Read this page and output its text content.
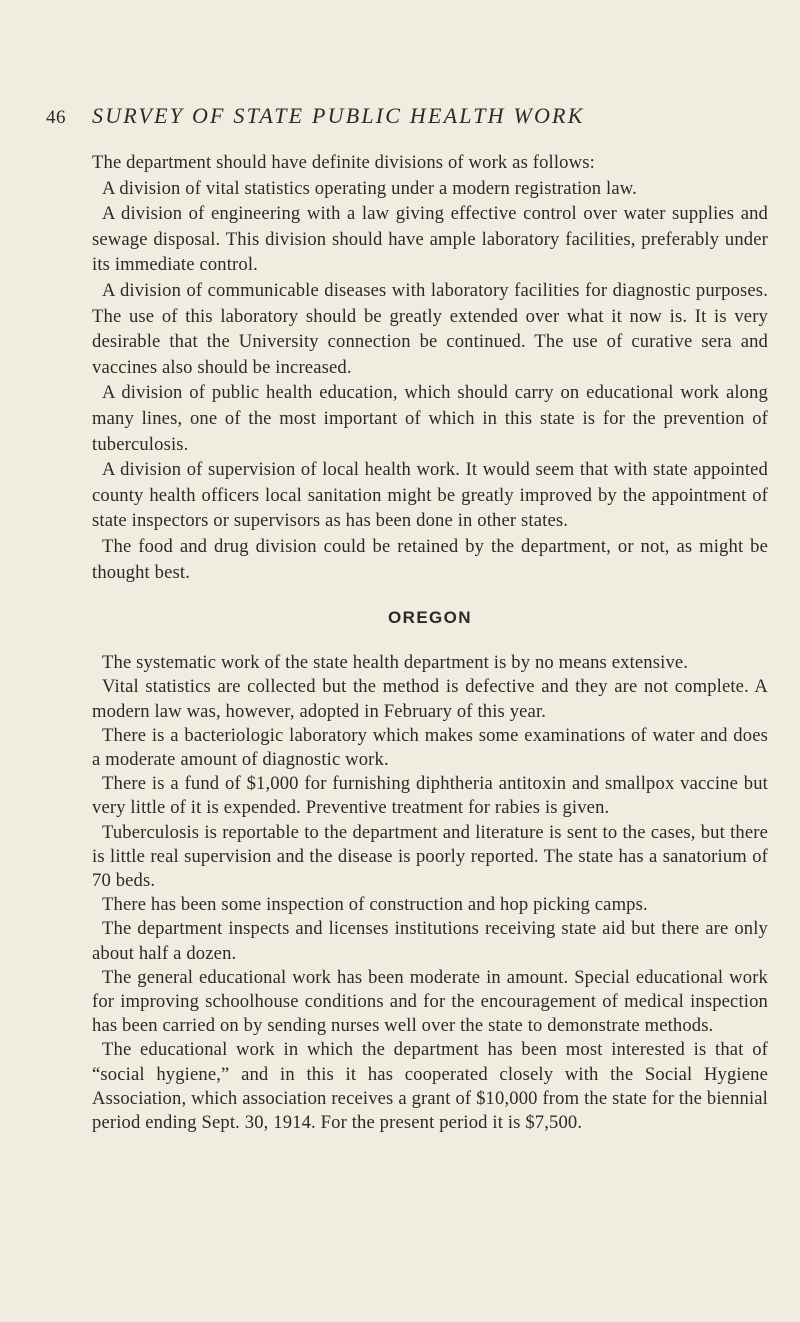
46 SURVEY OF STATE PUBLIC HEALTH WORK

The department should have definite divisions of work as follows:

A division of vital statistics operating under a modern registration law.

A division of engineering with a law giving effective control over water supplies and sewage disposal. This division should have ample laboratory facilities, preferably under its immediate control.

A division of communicable diseases with laboratory facilities for diagnostic purposes. The use of this laboratory should be greatly extended over what it now is. It is very desirable that the University connection be continued. The use of curative sera and vaccines also should be increased.

A division of public health education, which should carry on educational work along many lines, one of the most important of which in this state is for the prevention of tuberculosis.

A division of supervision of local health work. It would seem that with state appointed county health officers local sanitation might be greatly improved by the appointment of state inspectors or supervisors as has been done in other states.

The food and drug division could be retained by the department, or not, as might be thought best.

OREGON

The systematic work of the state health department is by no means extensive.

Vital statistics are collected but the method is defective and they are not complete. A modern law was, however, adopted in February of this year.

There is a bacteriologic laboratory which makes some examinations of water and does a moderate amount of diagnostic work.

There is a fund of $1,000 for furnishing diphtheria antitoxin and smallpox vaccine but very little of it is expended. Preventive treatment for rabies is given.

Tuberculosis is reportable to the department and literature is sent to the cases, but there is little real supervision and the disease is poorly reported. The state has a sanatorium of 70 beds.

There has been some inspection of construction and hop picking camps.

The department inspects and licenses institutions receiving state aid but there are only about half a dozen.

The general educational work has been moderate in amount. Special educational work for improving schoolhouse conditions and for the encouragement of medical inspection has been carried on by sending nurses well over the state to demonstrate methods.

The educational work in which the department has been most interested is that of “social hygiene,” and in this it has cooperated closely with the Social Hygiene Association, which association receives a grant of $10,000 from the state for the biennial period ending Sept. 30, 1914. For the present period it is $7,500.
